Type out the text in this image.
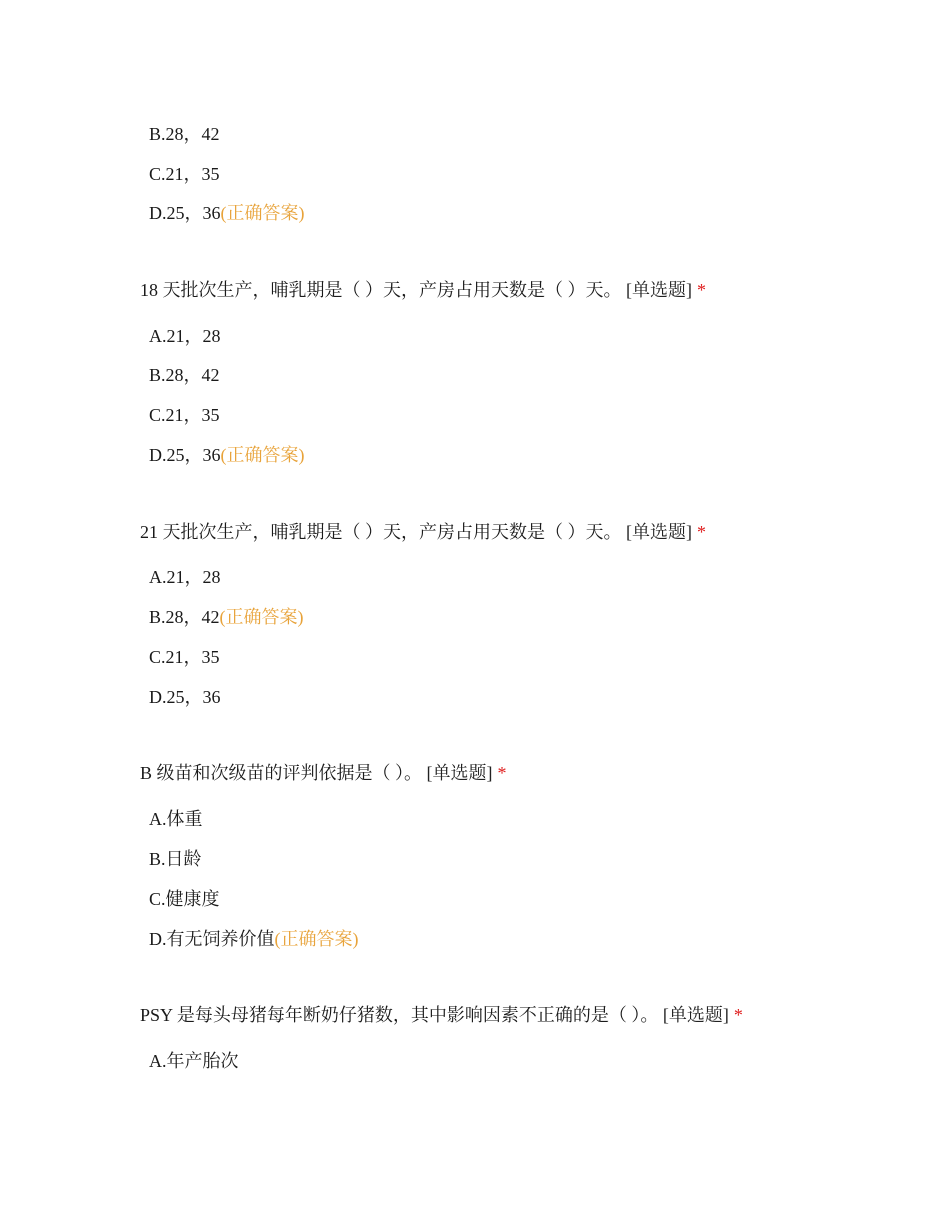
B.28，42
C.21，35
D.25，36(正确答案)
18 天批次生产，哺乳期是（ ）天，产房占用天数是（ ）天。 [单选题] *
A.21，28
B.28，42
C.21，35
D.25，36(正确答案)
21 天批次生产，哺乳期是（ ）天，产房占用天数是（ ）天。 [单选题] *
A.21，28
B.28，42(正确答案)
C.21，35
D.25，36
B 级苗和次级苗的评判依据是（ ）。 [单选题] *
A.体重
B.日龄
C.健康度
D.有无饲养价值(正确答案)
PSY 是每头母猪每年断奶仔猪数，其中影响因素不正确的是（ ）。 [单选题] *
A.年产胎次
